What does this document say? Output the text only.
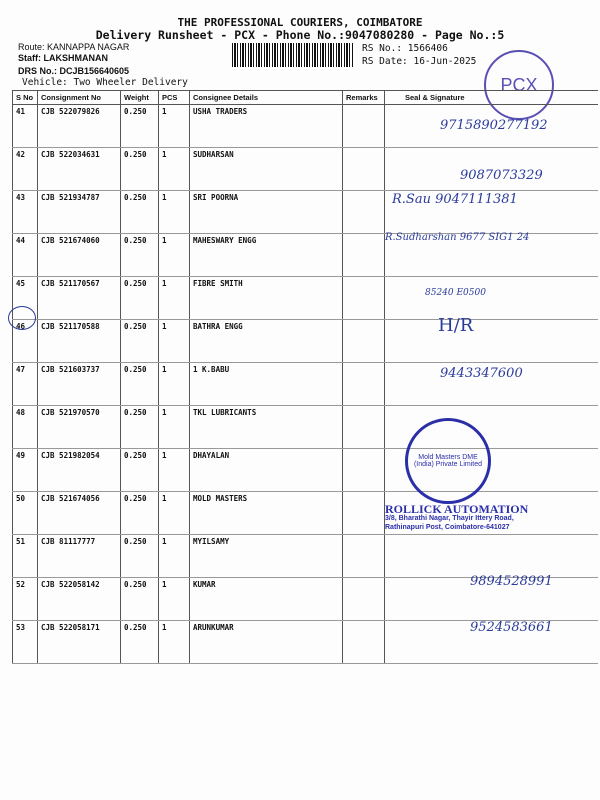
THE PROFESSIONAL COURIERS, COIMBATORE
Delivery Runsheet - PCX - Phone No.:9047080280 - Page No.:5
Route: KANNAPPA NAGAR
Staff: LAKSHMANAN
DRS No.: DCJB156640605
Vehicle: Two Wheeler Delivery
RS No.: 1566406
RS Date: 16-Jun-2025
PCX
S No	Consignment No	Weight	PCS	Consignee Details	Remarks	Seal & Signature
41	CJB 522079826	0.250	1	USHA TRADERS		
42	CJB 522034631	0.250	1	SUDHARSAN		
43	CJB 521934787	0.250	1	SRI POORNA		
44	CJB 521674060	0.250	1	MAHESWARY ENGG		
45	CJB 521170567	0.250	1	FIBRE SMITH		
46	CJB 521170588	0.250	1	BATHRA ENGG		
47	CJB 521603737	0.250	1	1 K.BABU		
48	CJB 521970570	0.250	1	TKL LUBRICANTS		
49	CJB 521982054	0.250	1	DHAYALAN		
50	CJB 521674056	0.250	1	MOLD MASTERS		
51	CJB 81117777	0.250	1	MYILSAMY		
52	CJB 522058142	0.250	1	KUMAR		
53	CJB 522058171	0.250	1	ARUNKUMAR		
Mold Masters DME (India) Private Limited
ROLLICK AUTOMATION
3/8, Bharathi Nagar, Thayir Ittery Road,
Rathinapuri Post, Coimbatore-641027
9715890277192
9087073329
R.Sau 9047111381
R.Sudharshan 9677 SIG1 24
85240 E0500
H/R
9443347600
9894528991
9524583661
